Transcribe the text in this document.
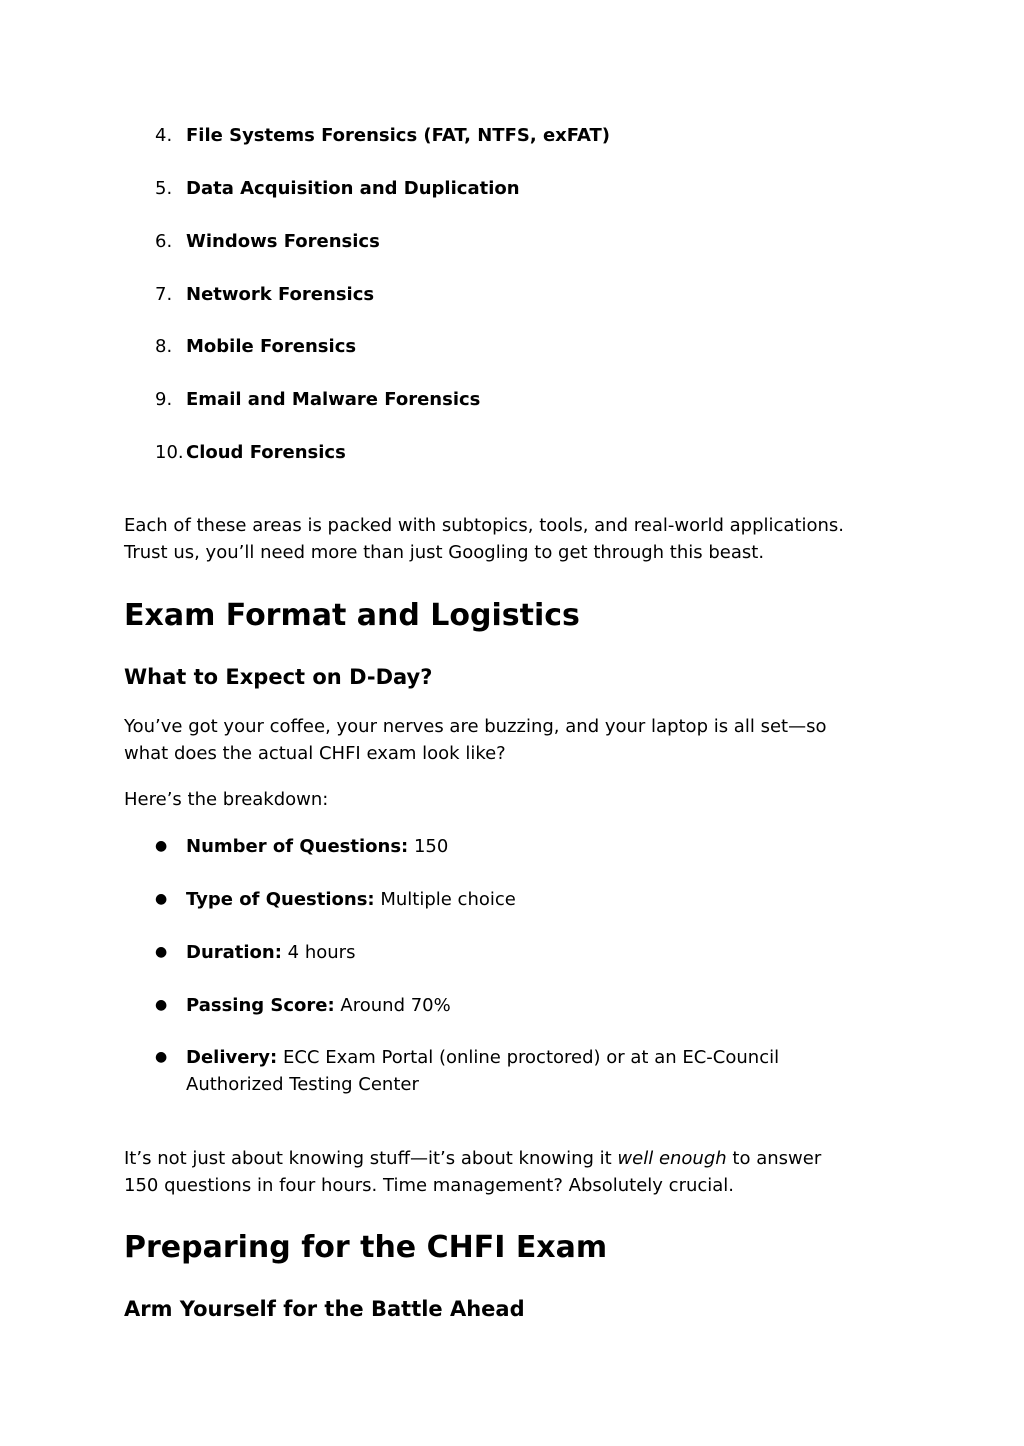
4. File Systems Forensics (FAT, NTFS, exFAT)
5. Data Acquisition and Duplication
6. Windows Forensics
7. Network Forensics
8. Mobile Forensics
9. Email and Malware Forensics
10. Cloud Forensics
Each of these areas is packed with subtopics, tools, and real-world applications.
Trust us, you’ll need more than just Googling to get through this beast.
Exam Format and Logistics
What to Expect on D-Day?
You’ve got your coffee, your nerves are buzzing, and your laptop is all set—so
what does the actual CHFI exam look like?
Here’s the breakdown:
●	Number of Questions: 150
●	Type of Questions: Multiple choice
●	Duration: 4 hours
●	Passing Score: Around 70%
●	Delivery: ECC Exam Portal (online proctored) or at an EC-Council
Authorized Testing Center
It’s not just about knowing stuff—it’s about knowing it well enough to answer
150 questions in four hours. Time management? Absolutely crucial.
Preparing for the CHFI Exam
Arm Yourself for the Battle Ahead
